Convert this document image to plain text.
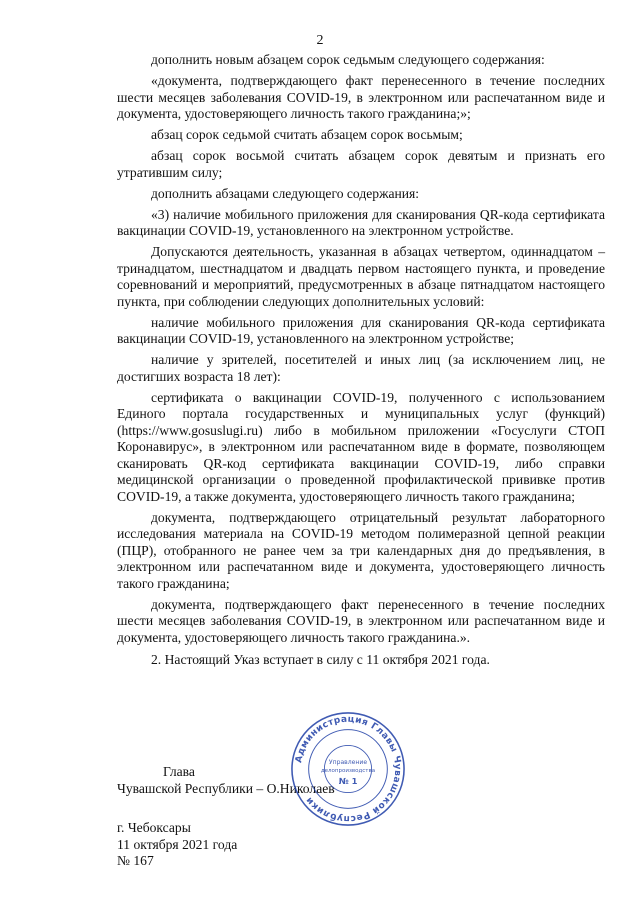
2

дополнить новым абзацем сорок седьмым следующего содержания:

«документа, подтверждающего факт перенесенного в течение последних шести месяцев заболевания COVID-19, в электронном или распечатанном виде и документа, удостоверяющего личность такого гражданина;»;

абзац сорок седьмой считать абзацем сорок восьмым;

абзац сорок восьмой считать абзацем сорок девятым и признать его утратившим силу;

дополнить абзацами следующего содержания:

«3) наличие мобильного приложения для сканирования QR-кода сертификата вакцинации COVID-19, установленного на электронном устройстве.

Допускаются деятельность, указанная в абзацах четвертом, одиннадцатом – тринадцатом, шестнадцатом и двадцать первом настоящего пункта, и проведение соревнований и мероприятий, предусмотренных в абзаце пятнадцатом настоящего пункта, при соблюдении следующих дополнительных условий:

наличие мобильного приложения для сканирования QR-кода сертификата вакцинации COVID-19, установленного на электронном устройстве;

наличие у зрителей, посетителей и иных лиц (за исключением лиц, не достигших возраста 18 лет):

сертификата о вакцинации COVID-19, полученного с использованием Единого портала государственных и муниципальных услуг (функций) (https://www.gosuslugi.ru) либо в мобильном приложении «Госуслуги СТОП Коронавирус», в электронном или распечатанном виде в формате, позволяющем сканировать QR-код сертификата вакцинации COVID-19, либо справки медицинской организации о проведенной профилактической прививке против COVID-19, а также документа, удостоверяющего личность такого гражданина;

документа, подтверждающего отрицательный результат лабораторного исследования материала на COVID-19 методом полимеразной цепной реакции (ПЦР), отобранного не ранее чем за три календарных дня до предъявления, в электронном или распечатанном виде и документа, удостоверяющего личность такого гражданина;

документа, подтверждающего факт перенесенного в течение последних шести месяцев заболевания COVID-19, в электронном или распечатанном виде и документа, удостоверяющего личность такого гражданина.».

2. Настоящий Указ вступает в силу с 11 октября 2021 года.

Глава
Чувашской Республики – О.Николаев
Администрация Главы Чувашской Республики
Управление
делопроизводства
№ 1
г. Чебоксары
11 октября 2021 года
№ 167
